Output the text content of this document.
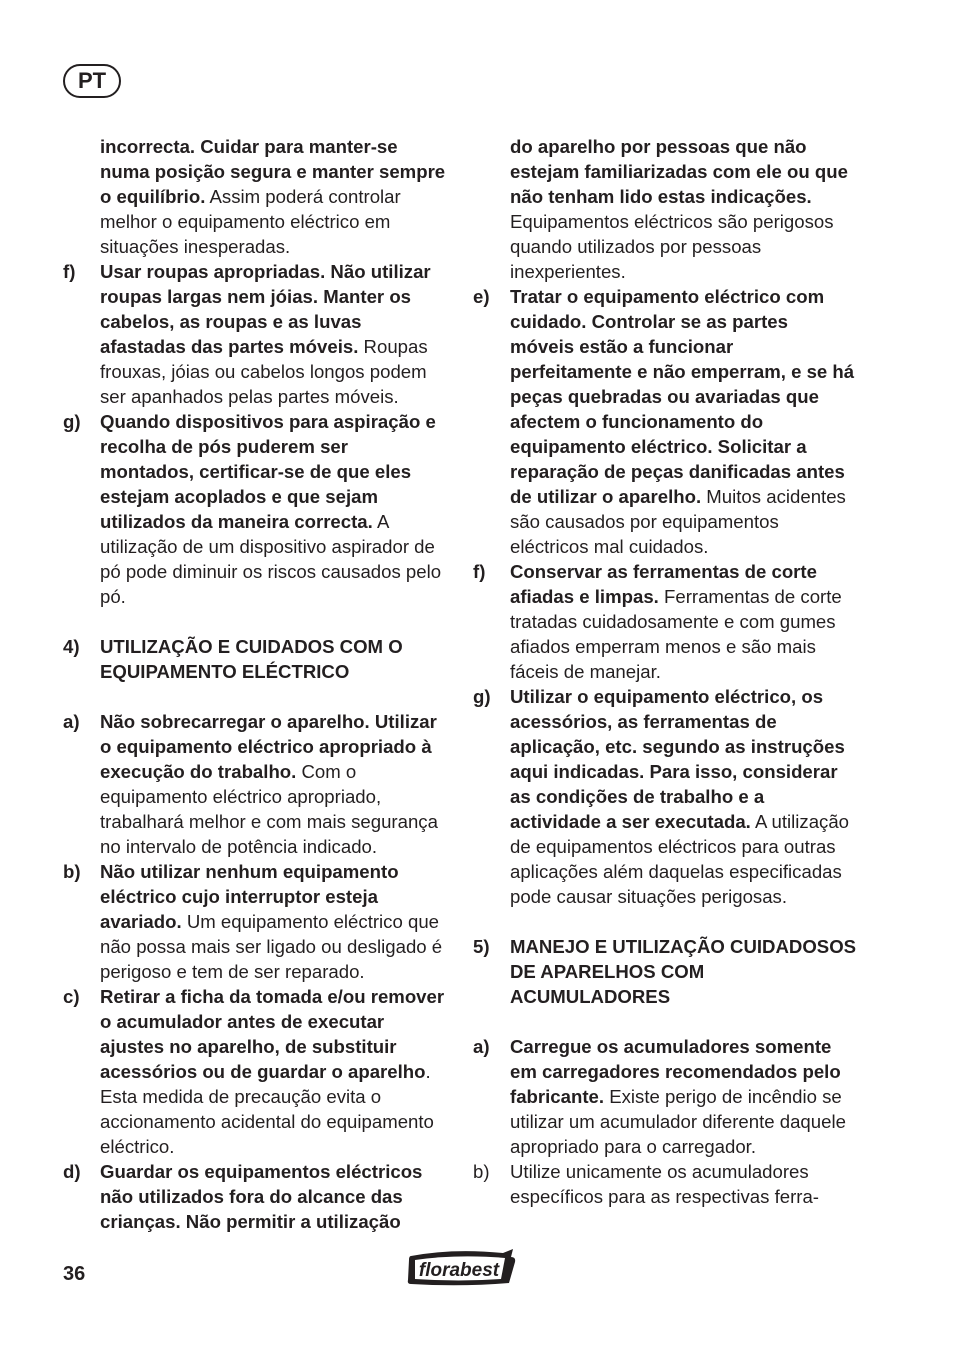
PT
incorrecta. Cuidar para manter-se numa posição segura e manter sempre o equilíbrio. Assim poderá controlar melhor o equipamento eléctrico em situações inesperadas.
f) Usar roupas apropriadas. Não utilizar roupas largas nem jóias. Manter os cabelos, as roupas e as luvas afastadas das partes móveis. Roupas frouxas, jóias ou cabelos longos podem ser apanhados pelas partes móveis.
g) Quando dispositivos para aspiração e recolha de pós puderem ser montados, certificar-se de que eles estejam acoplados e que sejam utilizados da maneira correcta. A utilização de um dispositivo aspirador de pó pode diminuir os riscos causados pelo pó.
4) UTILIZAÇÃO E CUIDADOS COM O EQUIPAMENTO ELÉCTRICO
a) Não sobrecarregar o aparelho. Utilizar o equipamento eléctrico apropriado à execução do trabalho. Com o equipamento eléctrico apropriado, trabalhará melhor e com mais segurança no intervalo de potência indicado.
b) Não utilizar nenhum equipamento eléctrico cujo interruptor esteja avariado. Um equipamento eléctrico que não possa mais ser ligado ou desligado é perigoso e tem de ser reparado.
c) Retirar a ficha da tomada e/ou remover o acumulador antes de executar ajustes no aparelho, de substituir acessórios ou de guardar o aparelho. Esta medida de precaução evita o accionamento acidental do equipamento eléctrico.
d) Guardar os equipamentos eléctricos não utilizados fora do alcance das crianças. Não permitir a utilização
do aparelho por pessoas que não estejam familiarizadas com ele ou que não tenham lido estas indicações. Equipamentos eléctricos são perigosos quando utilizados por pessoas inexperientes.
e) Tratar o equipamento eléctrico com cuidado. Controlar se as partes móveis estão a funcionar perfeitamente e não emperram, e se há peças quebradas ou avariadas que afectem o funcionamento do equipamento eléctrico. Solicitar a reparação de peças danificadas antes de utilizar o aparelho. Muitos acidentes são causados por equipamentos eléctricos mal cuidados.
f) Conservar as ferramentas de corte afiadas e limpas. Ferramentas de corte tratadas cuidadosamente e com gumes afiados emperram menos e são mais fáceis de manejar.
g) Utilizar o equipamento eléctrico, os acessórios, as ferramentas de aplicação, etc. segundo as instruções aqui indicadas. Para isso, considerar as condições de trabalho e a actividade a ser executada. A utilização de equipamentos eléctricos para outras aplicações além daquelas especificadas pode causar situações perigosas.
5) MANEJO E UTILIZAÇÃO CUIDADOSOS DE APARELHOS COM ACUMULADORES
a) Carregue os acumuladores somente em carregadores recomendados pelo fabricante. Existe perigo de incêndio se utilizar um acumulador diferente daquele apropriado para o carregador.
b) Utilize unicamente os acumuladores específicos para as respectivas ferra-
36	florabest
